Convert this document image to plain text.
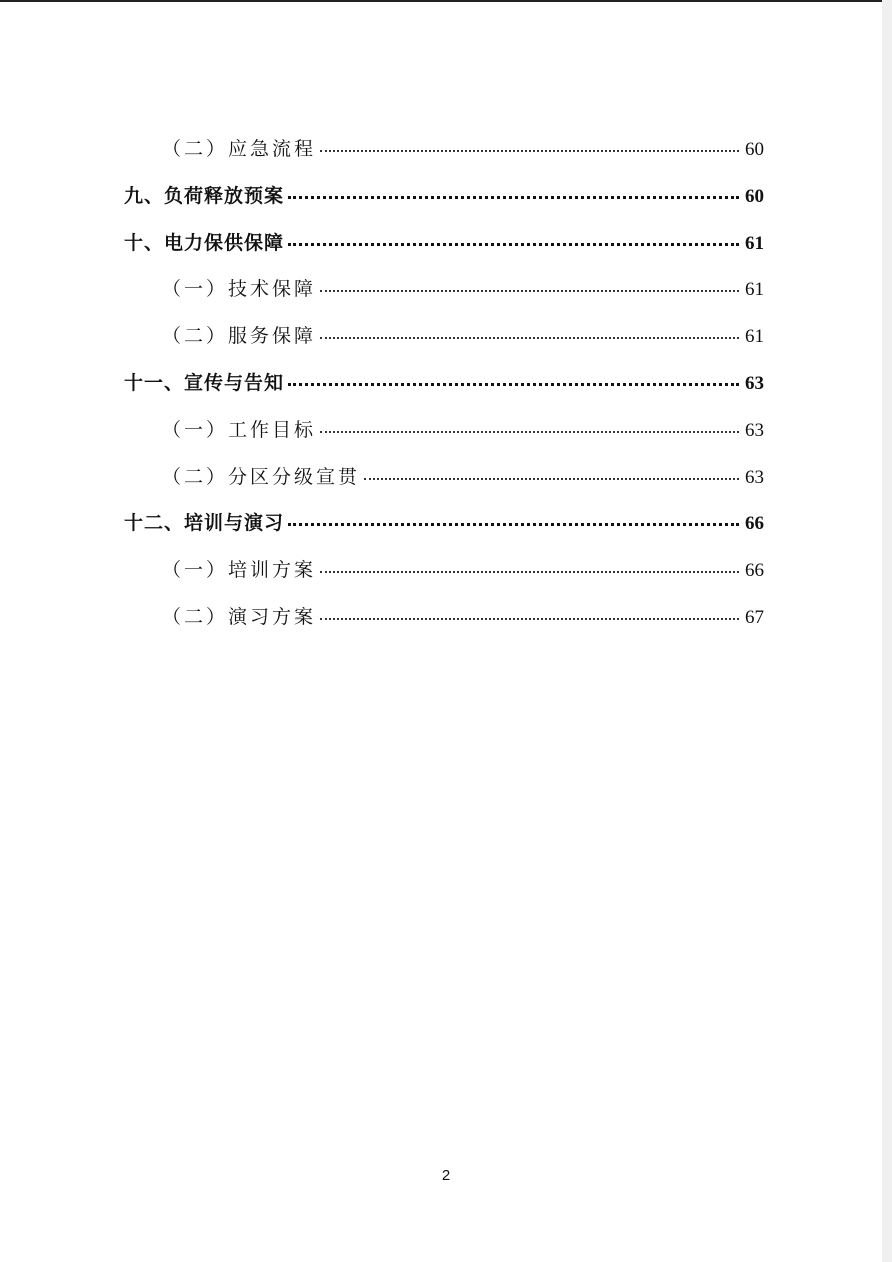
（二）应急流程	60
九、负荷释放预案	60
十、电力保供保障	61
（一）技术保障	61
（二）服务保障	61
十一、宣传与告知	63
（一）工作目标	63
（二）分区分级宣贯	63
十二、培训与演习	66
（一）培训方案	66
（二）演习方案	67
2
